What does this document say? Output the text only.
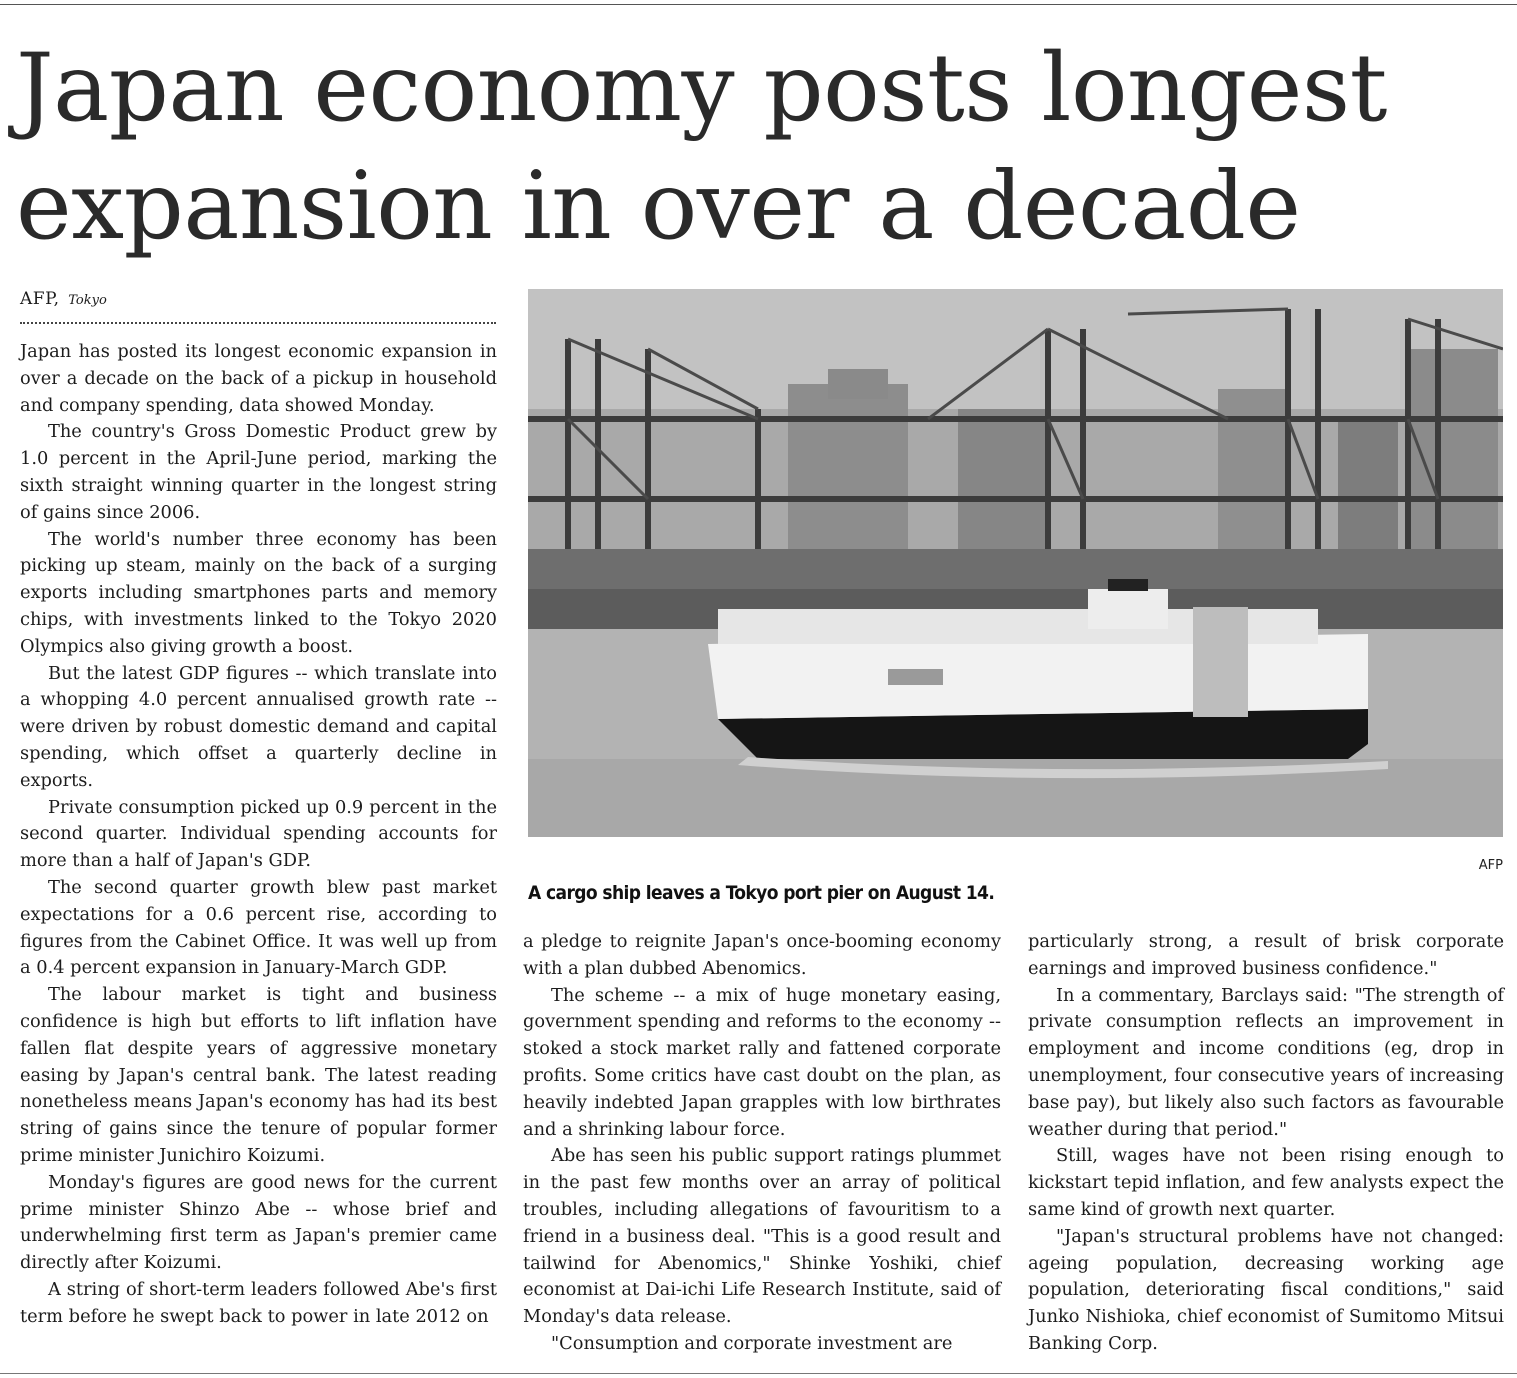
Japan economy posts longest
expansion in over a decade
AFP, Tokyo

Japan has posted its longest economic expansion in over a decade on the back of a pickup in household and company spending, data showed Monday.

The country's Gross Domestic Product grew by 1.0 percent in the April-June period, marking the sixth straight winning quarter in the longest string of gains since 2006.

The world's number three economy has been picking up steam, mainly on the back of a surging exports including smartphones parts and memory chips, with investments linked to the Tokyo 2020 Olympics also giving growth a boost.

But the latest GDP figures -- which translate into a whopping 4.0 percent annualised growth rate -- were driven by robust domestic demand and capital spending, which offset a quarterly decline in exports.

Private consumption picked up 0.9 percent in the second quarter. Individual spending accounts for more than a half of Japan's GDP.

The second quarter growth blew past market expectations for a 0.6 percent rise, according to figures from the Cabinet Office. It was well up from a 0.4 percent expansion in January-March GDP.

The labour market is tight and business confidence is high but efforts to lift inflation have fallen flat despite years of aggressive monetary easing by Japan's central bank. The latest reading nonetheless means Japan's economy has had its best string of gains since the tenure of popular former prime minister Junichiro Koizumi.

Monday's figures are good news for the current prime minister Shinzo Abe -- whose brief and underwhelming first term as Japan's premier came directly after Koizumi.

A string of short-term leaders followed Abe's first term before he swept back to power in late 2012 on

AFP
A cargo ship leaves a Tokyo port pier on August 14.

a pledge to reignite Japan's once-booming economy with a plan dubbed Abenomics.

The scheme -- a mix of huge monetary easing, government spending and reforms to the economy -- stoked a stock market rally and fattened corporate profits. Some critics have cast doubt on the plan, as heavily indebted Japan grapples with low birthrates and a shrinking labour force.

Abe has seen his public support ratings plummet in the past few months over an array of political troubles, including allegations of favouritism to a friend in a business deal. "This is a good result and tailwind for Abenomics," Shinke Yoshiki, chief economist at Dai-ichi Life Research Institute, said of Monday's data release.

"Consumption and corporate investment are

particularly strong, a result of brisk corporate earnings and improved business confidence."

In a commentary, Barclays said: "The strength of private consumption reflects an improvement in employment and income conditions (eg, drop in unemployment, four consecutive years of increasing base pay), but likely also such factors as favourable weather during that period."

Still, wages have not been rising enough to kickstart tepid inflation, and few analysts expect the same kind of growth next quarter.

"Japan's structural problems have not changed: ageing population, decreasing working age population, deteriorating fiscal conditions," said Junko Nishioka, chief economist of Sumitomo Mitsui Banking Corp.
